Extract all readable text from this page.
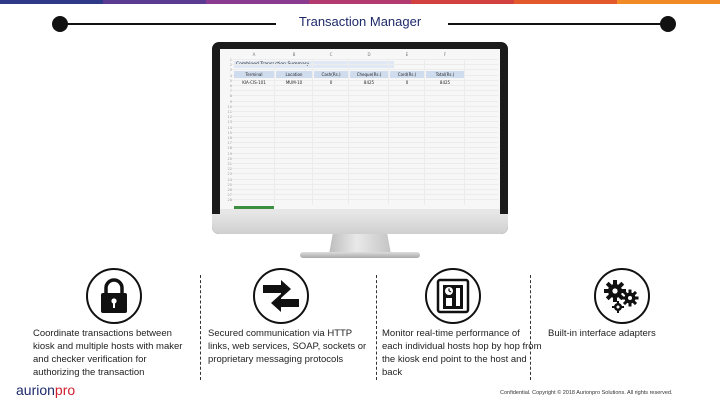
Transaction Manager
A	B	C	D	E	F
1
2
3
4
5
6
7
8
9
10
11
12
13
14
15
16
17
18
19
20
21
22
23
24
25
26
27
28
Terminal	Location	Cash(Rs.)	Cheque(Rs.)	Card(Rs.)	Total(Rs.)
KIA-CIS-101	MUM-10	0	8425	0	8425
Coordinate transactions between kiosk and multiple hosts with maker and checker verification for authorizing the transaction
Secured communication via HTTP links, web services, SOAP, sockets or proprietary messaging protocols
Monitor real-time performance of each individual hosts hop by hop from the kiosk end point to the host and back
Built-in interface adapters
aurionpro	Confidential. Copyright © 2018 Aurionpro Solutions. All rights reserved.
